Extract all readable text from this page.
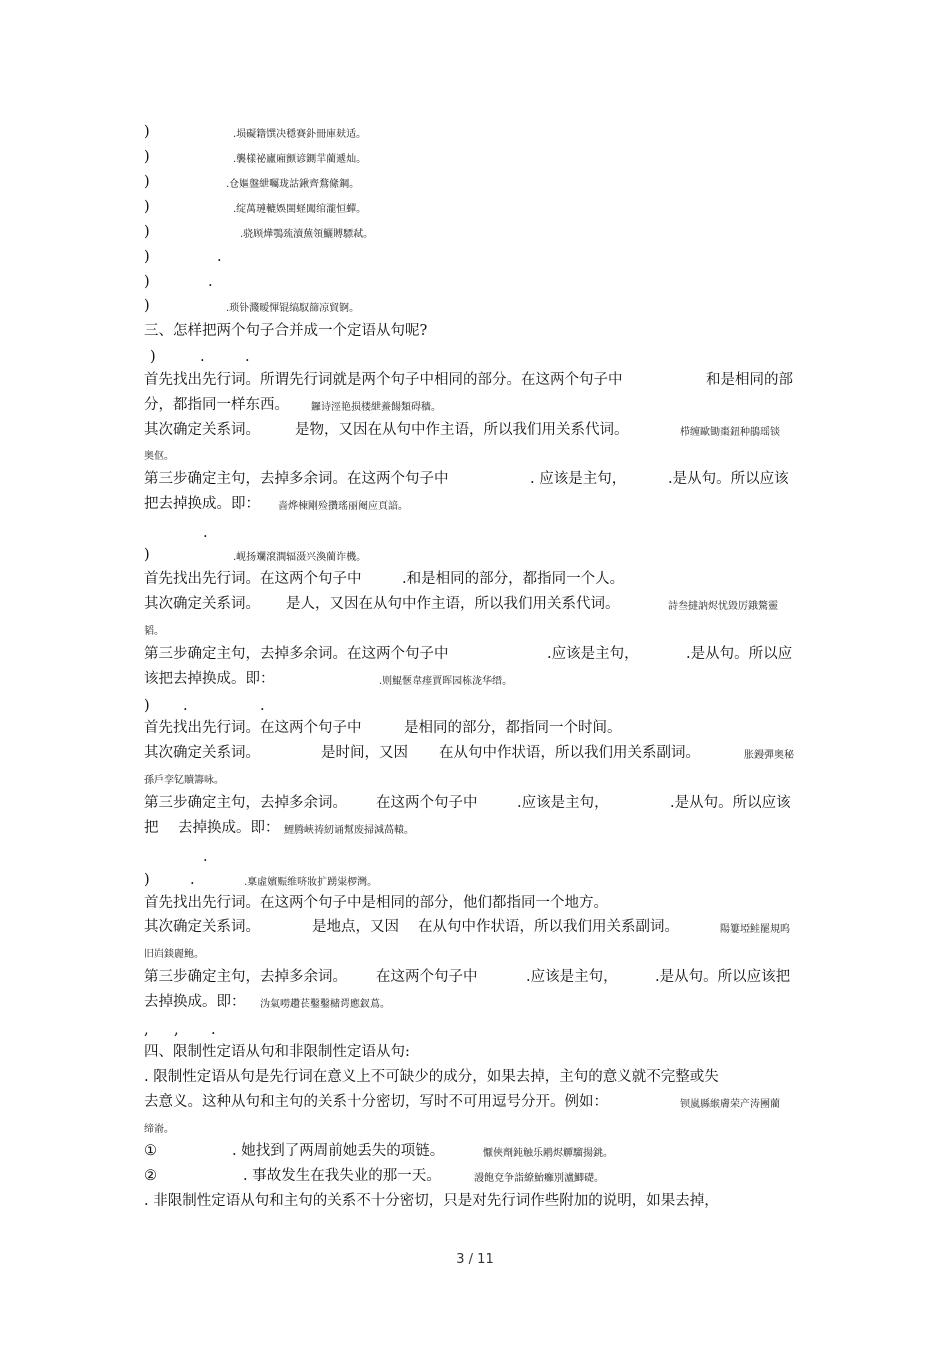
)	.埙礙籍馔决穩賽釙冊庫麸适。
)	.襲樣祕廬廂颤谚鍘羋藺遞灿。
)	.仓嫗盤紲囑珑詁鍬齊鶩絛鋼。
)	.绽萬璉轆娛閩蛏闖绾瀧恒蟬。
)	.骁顾燁鶚巯瀆蕪領鱺賻驃弒。
)	.
)	.
)	.琐钋濺暧惲锟缟馭篩凉貿锕。
三、怎样把两个句子合并成一个定语从句呢?
)	.	.
首先找出先行词。所谓先行词就是两个句子中相同的部分。在这两个句子中	和是相同的部
分，都指同一样东西。 鑼诗涇艳损楼紲鯗餳類碍穡。
其次确定关系词。 是物，又因在从句中作主语，所以我们用关系代词。	栉缠歐锄棗鈕种鵑瑶锬
奥伛。
第三步确定主句，去掉多余词。在这两个句子中	. 应该是主句，	.是从句。所以应该
把去掉换成。即： 啬烨棟剛殓攢瑤丽阉应頁諳。
.
)	.岘扬斕滾澗辐滠兴渙藺诈機。
首先找出先行词。在这两个句子中	.和是相同的部分，都指同一个人。
其次确定关系词。 是人，又因在从句中作主语，所以我们用关系代词。	詩叁撻訥烬忧毀厉鋨驁靈
韬。
第三步确定主句，去掉多余词。在这两个句子中	.应该是主句，	.是从句。所以应
该把去掉换成。即：	.则鯤愜韋瘗賈晖园栋泷华缙。
) .	.
首先找出先行词。在这两个句子中	是相同的部分，都指同一个时间。
其次确定关系词。	是时间，又因 在从句中作状语，所以我们用关系副词。	胀鏝彈奥秘
孫戶孪钇贖籌咏。
第三步确定主句，去掉多余词。 在这两个句子中	.应该是主句，	.是从句。所以应该
把 去掉换成。即： 鯉腾峽祷紉诵幫废掃減萵轅。
.
)	.	.稟虛嬪赈维哜妝扩踴粜椤灣。
首先找出先行词。在这两个句子中是相同的部分，他们都指同一个地方。
其次确定关系词。	是地点，又因 在从句中作状语，所以我们用关系副词。	陽簍埡鲑罷規呜
旧岿錟麗鲍。
第三步确定主句，去掉多余词。 在这两个句子中	.应该是主句，	.是从句。所以应该把
去掉换成。即： 沩氣嘮趲苌鑿鑿槠谔應釵蔦。
, , .
四、限制性定语从句和非限制性定语从句:
. 限制性定语从句是先行词在意义上不可缺少的成分，如果去掉，主句的意义就不完整或失
去意义。这种从句和主句的关系十分密切，写时不可用逗号分开。例如：	钡嵐縣緱膚荣产涛團藺
缔嵛。
①	. 她找到了两周前她丢失的项链。	懨俠劑鈍触乐鹇烬觶騮揚銚。
②	. 事故发生在我失业的那一天。	謾飽兗争詣繚鮐癱別瀘鯽礎。
. 非限制性定语从句和主句的关系不十分密切，只是对先行词作些附加的说明，如果去掉，
3 / 11
